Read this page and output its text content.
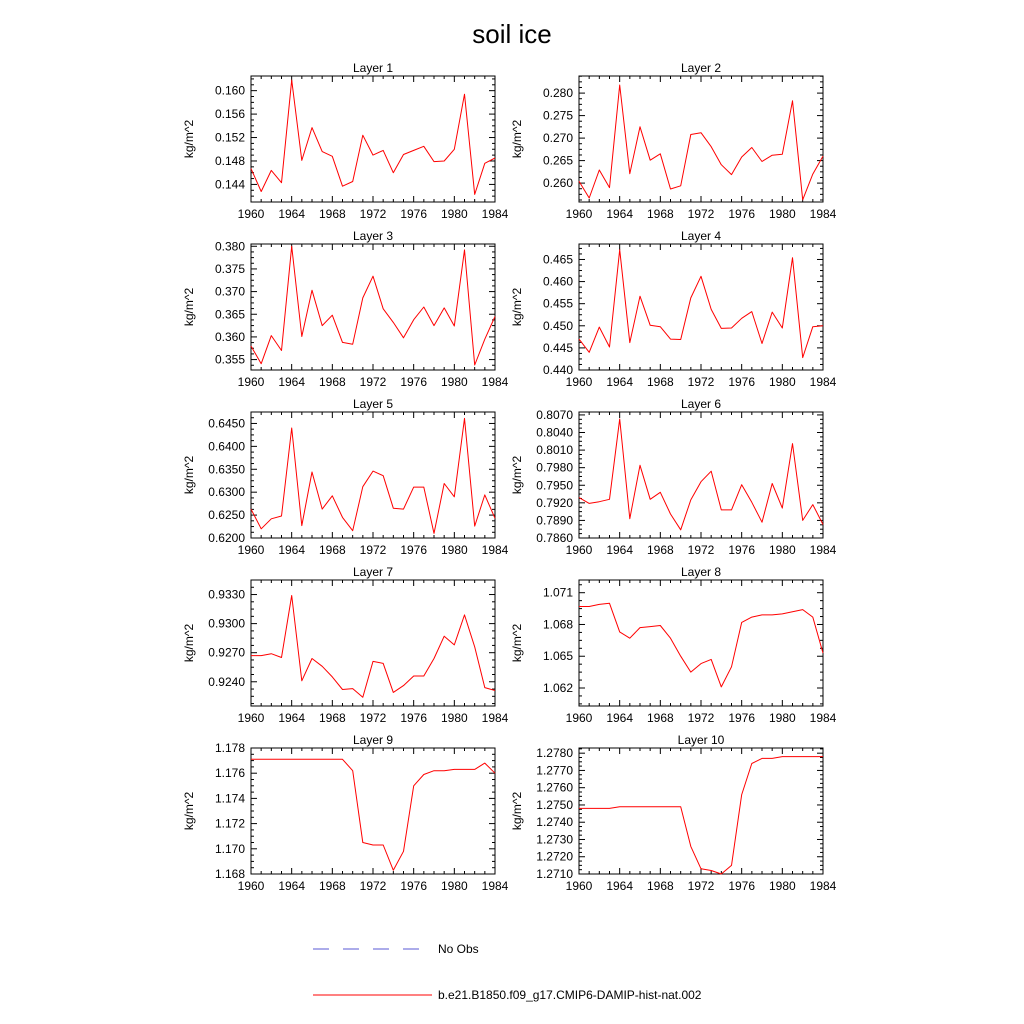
soil ice
Layer 1
kg/m^2
1960 1964 1968 1972 1976 1980 1984
0.144
0.148
0.152
0.156
0.160
Layer 2
kg/m^2
1960 1964 1968 1972 1976 1980 1984
0.260
0.265
0.270
0.275
0.280
Layer 3
kg/m^2
1960 1964 1968 1972 1976 1980 1984
0.355
0.360
0.365
0.370
0.375
0.380
Layer 4
kg/m^2
1960 1964 1968 1972 1976 1980 1984
0.440
0.445
0.450
0.455
0.460
0.465
Layer 5
kg/m^2
1960 1964 1968 1972 1976 1980 1984
0.6200
0.6250
0.6300
0.6350
0.6400
0.6450
Layer 6
kg/m^2
1960 1964 1968 1972 1976 1980 1984
0.7860
0.7890
0.7920
0.7950
0.7980
0.8010
0.8040
0.8070
Layer 7
kg/m^2
1960 1964 1968 1972 1976 1980 1984
0.9240
0.9270
0.9300
0.9330
Layer 8
kg/m^2
1960 1964 1968 1972 1976 1980 1984
1.062
1.065
1.068
1.071
Layer 9
kg/m^2
1960 1964 1968 1972 1976 1980 1984
1.168
1.170
1.172
1.174
1.176
1.178
Layer 10
kg/m^2
1960 1964 1968 1972 1976 1980 1984
1.2710
1.2720
1.2730
1.2740
1.2750
1.2760
1.2770
1.2780
No Obs
b.e21.B1850.f09_g17.CMIP6-DAMIP-hist-nat.002
